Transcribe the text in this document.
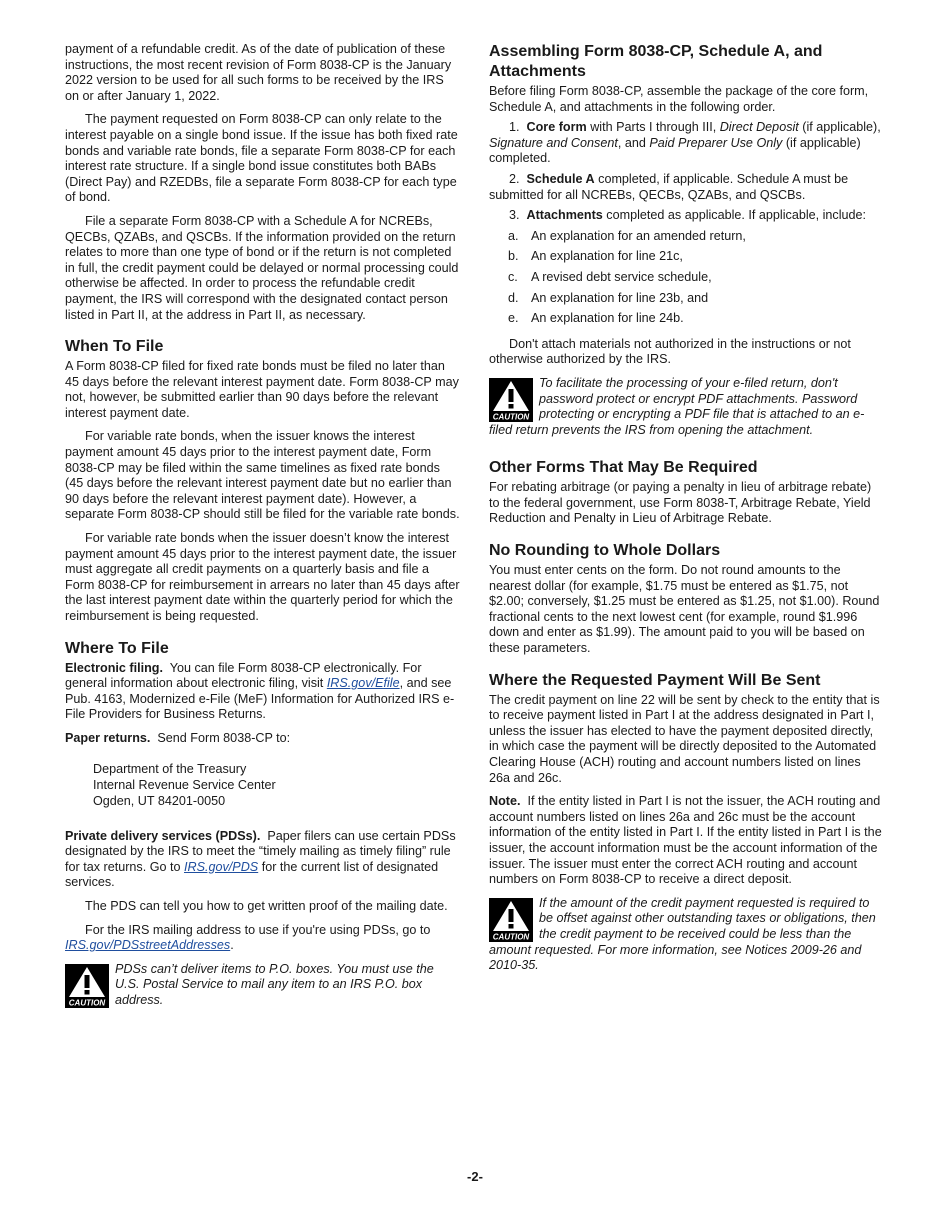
payment of a refundable credit. As of the date of publication of these instructions, the most recent revision of Form 8038-CP is the January 2022 version to be used for all such forms to be received by the IRS on or after January 1, 2022.

The payment requested on Form 8038-CP can only relate to the interest payable on a single bond issue. If the issue has both fixed rate bonds and variable rate bonds, file a separate Form 8038-CP for each interest rate structure. If a single bond issue constitutes both BABs (Direct Pay) and RZEDBs, file a separate Form 8038-CP for each type of bond.

File a separate Form 8038-CP with a Schedule A for NCREBs, QECBs, QZABs, and QSCBs. If the information provided on the return relates to more than one type of bond or if the return is not completed in full, the credit payment could be delayed or normal processing could otherwise be affected. In order to process the refundable credit payment, the IRS will correspond with the designated contact person listed in Part II, at the address in Part II, as necessary.

When To File

A Form 8038-CP filed for fixed rate bonds must be filed no later than 45 days before the relevant interest payment date. Form 8038-CP may not, however, be submitted earlier than 90 days before the relevant interest payment date.

For variable rate bonds, when the issuer knows the interest payment amount 45 days prior to the interest payment date, Form 8038-CP may be filed within the same timelines as fixed rate bonds (45 days before the relevant interest payment date but no earlier than 90 days before the relevant interest payment date). However, a separate Form 8038-CP should still be filed for the variable rate bonds.

For variable rate bonds when the issuer doesn’t know the interest payment amount 45 days prior to the interest payment date, the issuer must aggregate all credit payments on a quarterly basis and file a Form 8038-CP for reimbursement in arrears no later than 45 days after the last interest payment date within the quarterly period for which the reimbursement is being requested.

Where To File

Electronic filing. You can file Form 8038-CP electronically. For general information about electronic filing, visit IRS.gov/Efile, and see Pub. 4163, Modernized e-File (MeF) Information for Authorized IRS e-File Providers for Business Returns.

Paper returns. Send Form 8038-CP to:

Department of the Treasury
Internal Revenue Service Center
Ogden, UT 84201-0050

Private delivery services (PDSs). Paper filers can use certain PDSs designated by the IRS to meet the “timely mailing as timely filing” rule for tax returns. Go to IRS.gov/PDS for the current list of designated services.

The PDS can tell you how to get written proof of the mailing date.

For the IRS mailing address to use if you're using PDSs, go to IRS.gov/PDSstreetAddresses.

CAUTION
PDSs can’t deliver items to P.O. boxes. You must use the U.S. Postal Service to mail any item to an IRS P.O. box address.
Assembling Form 8038-CP, Schedule A, and Attachments

Before filing Form 8038-CP, assemble the package of the core form, Schedule A, and attachments in the following order.

1. Core form with Parts I through III, Direct Deposit (if applicable), Signature and Consent, and Paid Preparer Use Only (if applicable) completed.

2. Schedule A completed, if applicable. Schedule A must be submitted for all NCREBs, QECBs, QZABs, and QSCBs.

3. Attachments completed as applicable. If applicable, include:

a. An explanation for an amended return,
b. An explanation for line 21c,
c. A revised debt service schedule,
d. An explanation for line 23b, and
e. An explanation for line 24b.

Don't attach materials not authorized in the instructions or not otherwise authorized by the IRS.

CAUTION
To facilitate the processing of your e-filed return, don't password protect or encrypt PDF attachments. Password protecting or encrypting a PDF file that is attached to an e-filed return prevents the IRS from opening the attachment.
Other Forms That May Be Required

For rebating arbitrage (or paying a penalty in lieu of arbitrage rebate) to the federal government, use Form 8038-T, Arbitrage Rebate, Yield Reduction and Penalty in Lieu of Arbitrage Rebate.

No Rounding to Whole Dollars

You must enter cents on the form. Do not round amounts to the nearest dollar (for example, $1.75 must be entered as $1.75, not $2.00; conversely, $1.25 must be entered as $1.25, not $1.00). Round fractional cents to the next lowest cent (for example, round $1.996 down and enter as $1.99). The amount paid to you will be based on these parameters.

Where the Requested Payment Will Be Sent

The credit payment on line 22 will be sent by check to the entity that is to receive payment listed in Part I at the address designated in Part I, unless the issuer has elected to have the payment deposited directly, in which case the payment will be directly deposited to the Automated Clearing House (ACH) routing and account numbers listed on lines 26a and 26c.

Note. If the entity listed in Part I is not the issuer, the ACH routing and account numbers listed on lines 26a and 26c must be the account information of the entity listed in Part I. If the entity listed in Part I is the issuer, the account information must be the account information of the issuer. The issuer must enter the correct ACH routing and account numbers on Form 8038-CP to receive a direct deposit.

CAUTION
If the amount of the credit payment requested is required to be offset against other outstanding taxes or obligations, then the credit payment to be received could be less than the amount requested. For more information, see Notices 2009-26 and 2010-35.
-2-
